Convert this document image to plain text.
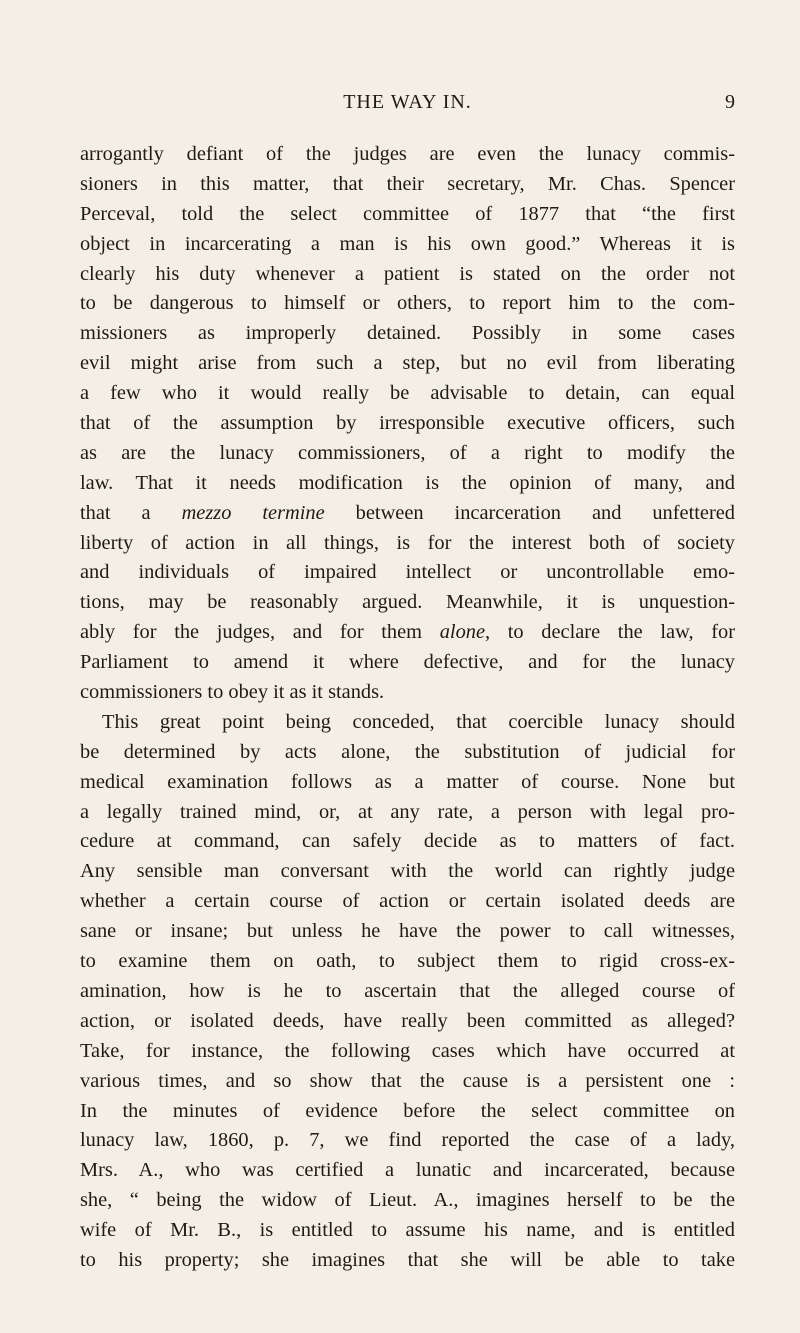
THE WAY IN.	9
arrogantly defiant of the judges are even the lunacy commis-
sioners in this matter, that their secretary, Mr. Chas. Spencer
Perceval, told the select committee of 1877 that “the first
object in incarcerating a man is his own good.” Whereas it is
clearly his duty whenever a patient is stated on the order not
to be dangerous to himself or others, to report him to the com-
missioners as improperly detained. Possibly in some cases
evil might arise from such a step, but no evil from liberating
a few who it would really be advisable to detain, can equal
that of the assumption by irresponsible executive officers, such
as are the lunacy commissioners, of a right to modify the
law. That it needs modification is the opinion of many, and
that a mezzo termine between incarceration and unfettered
liberty of action in all things, is for the interest both of society
and individuals of impaired intellect or uncontrollable emo-
tions, may be reasonably argued. Meanwhile, it is unquestion-
ably for the judges, and for them alone, to declare the law, for
Parliament to amend it where defective, and for the lunacy
commissioners to obey it as it stands.
This great point being conceded, that coercible lunacy should
be determined by acts alone, the substitution of judicial for
medical examination follows as a matter of course. None but
a legally trained mind, or, at any rate, a person with legal pro-
cedure at command, can safely decide as to matters of fact.
Any sensible man conversant with the world can rightly judge
whether a certain course of action or certain isolated deeds are
sane or insane; but unless he have the power to call witnesses,
to examine them on oath, to subject them to rigid cross-ex-
amination, how is he to ascertain that the alleged course of
action, or isolated deeds, have really been committed as alleged?
Take, for instance, the following cases which have occurred at
various times, and so show that the cause is a persistent one :
In the minutes of evidence before the select committee on
lunacy law, 1860, p. 7, we find reported the case of a lady,
Mrs. A., who was certified a lunatic and incarcerated, because
she, “ being the widow of Lieut. A., imagines herself to be the
wife of Mr. B., is entitled to assume his name, and is entitled
to his property; she imagines that she will be able to take
